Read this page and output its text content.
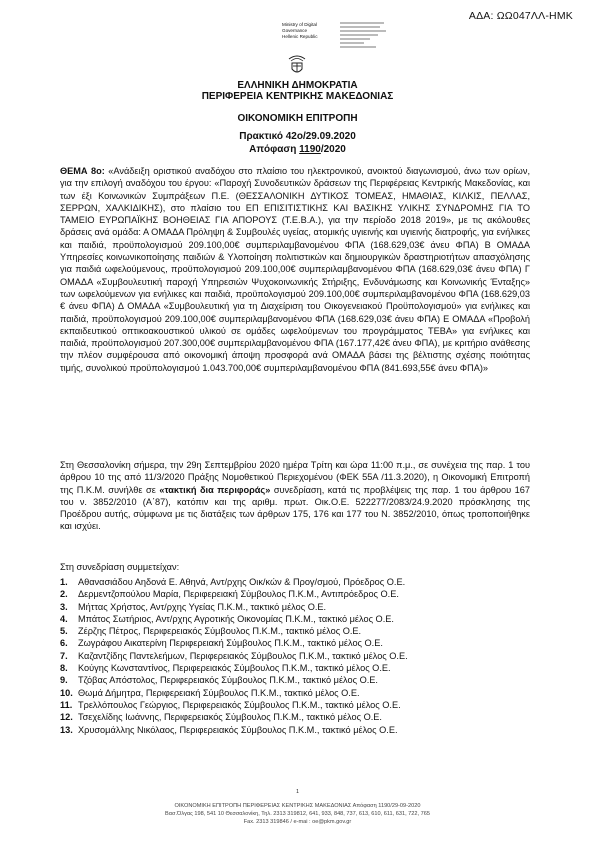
ΑΔΑ: ΩΩ047ΛΛ-ΗΜΚ
Ministry of Digital
Governance
Hellenic Republic
ΕΛΛΗΝΙΚΗ ΔΗΜΟΚΡΑΤΙΑ
ΠΕΡΙΦΕΡΕΙΑ ΚΕΝΤΡΙΚΗΣ ΜΑΚΕΔΟΝΙΑΣ
ΟΙΚΟΝΟΜΙΚΗ ΕΠΙΤΡΟΠΗ
Πρακτικό 42ο/29.09.2020
Απόφαση 1190/2020
ΘΕΜΑ 8ο: «Ανάδειξη οριστικού αναδόχου στο πλαίσιο του ηλεκτρονικού, ανοικτού διαγωνισμού, άνω των ορίων, για την επιλογή αναδόχου του έργου: «Παροχή Συνοδευτικών δράσεων της Περιφέρειας Κεντρικής Μακεδονίας, και των έξι Κοινωνικών Συμπράξεων Π.Ε. (ΘΕΣΣΑΛΟΝΙΚΗ ΔΥΤΙΚΟΣ ΤΟΜΕΑΣ, ΗΜΑΘΙΑΣ, ΚΙΛΚΙΣ, ΠΕΛΛΑΣ, ΣΕΡΡΩΝ, ΧΑΛΚΙΔΙΚΗΣ), στο πλαίσιο του ΕΠ ΕΠΙΣΙΤΙΣΤΙΚΗΣ ΚΑΙ ΒΑΣΙΚΗΣ ΥΛΙΚΗΣ ΣΥΝΔΡΟΜΗΣ ΓΙΑ ΤΟ ΤΑΜΕΙΟ ΕΥΡΩΠΑΪΚΗΣ ΒΟΗΘΕΙΑΣ ΓΙΑ ΑΠΟΡΟΥΣ (Τ.Ε.Β.Α.), για την περίοδο 2018 2019», με τις ακόλουθες δράσεις ανά ομάδα: Α ΟΜΑΔΑ Πρόληψη & Συμβουλές υγείας, ατομικής υγιεινής και υγιεινής διατροφής, για ενήλικες και παιδιά, προϋπολογισμού 209.100,00€ συμπεριλαμβανομένου ΦΠΑ (168.629,03€ άνευ ΦΠΑ) Β ΟΜΑΔΑ Υπηρεσίες κοινωνικοποίησης παιδιών & Υλοποίηση πολιτιστικών και δημιουργικών δραστηριοτήτων απασχόλησης για παιδιά ωφελούμενους, προϋπολογισμού 209.100,00€ συμπεριλαμβανομένου ΦΠΑ (168.629,03€ άνευ ΦΠΑ) Γ ΟΜΑΔΑ «Συμβουλευτική παροχή Υπηρεσιών Ψυχοκοινωνικής Στήριξης, Ενδυνάμωσης και Κοινωνικής Ένταξης» των ωφελούμενων για ενήλικες και παιδιά, προϋπολογισμού 209.100,00€ συμπεριλαμβανομένου ΦΠΑ (168.629,03 € άνευ ΦΠΑ) Δ ΟΜΑΔΑ «Συμβουλευτική για τη Διαχείριση του Οικογενειακού Προϋπολογισμού» για ενήλικες και παιδιά, προϋπολογισμού 209.100,00€ συμπεριλαμβανομένου ΦΠΑ (168.629,03€ άνευ ΦΠΑ) Ε ΟΜΑΔΑ «Προβολή εκπαιδευτικού οπτικοακουστικού υλικού σε ομάδες ωφελούμενων του προγράμματος ΤΕΒΑ» για ενήλικες και παιδιά, προϋπολογισμού 207.300,00€ συμπεριλαμβανομένου ΦΠΑ (167.177,42€ άνευ ΦΠΑ), με κριτήριο ανάθεσης την πλέον συμφέρουσα από οικονομική άποψη προσφορά ανά ΟΜΑΔΑ βάσει της βέλτιστης σχέσης ποιότητας τιμής, συνολικού προϋπολογισμού 1.043.700,00€ συμπεριλαμβανομένου ΦΠΑ (841.693,55€ άνευ ΦΠΑ)»
Στη Θεσσαλονίκη σήμερα, την 29η Σεπτεμβρίου 2020 ημέρα Τρίτη και ώρα 11:00 π.μ., σε συνέχεια της παρ. 1 του άρθρου 10 της από 11/3/2020 Πράξης Νομοθετικού Περιεχομένου (ΦΕΚ 55Α /11.3.2020), η Οικονομική Επιτροπή της Π.Κ.Μ. συνήλθε σε «τακτική δια περιφοράς» συνεδρίαση, κατά τις προβλέψεις της παρ. 1 του άρθρου 167 του ν. 3852/2010 (Α΄87), κατόπιν και της αριθμ. πρωτ. Οικ.Ο.Ε. 522277/2083/24.9.2020 πρόσκλησης της Προέδρου αυτής, σύμφωνα με τις διατάξεις των άρθρων 175, 176 και 177 του Ν. 3852/2010, όπως τροποποιήθηκε και ισχύει.
Στη συνεδρίαση συμμετείχαν:
1. Αθανασιάδου Αηδονά Ε. Αθηνά, Αντ/ρχης Οικ/κών & Προγ/σμού, Πρόεδρος Ο.Ε.
2. Δερμεντζοπούλου Μαρία, Περιφερειακή Σύμβουλος Π.Κ.Μ., Αντιπρόεδρος Ο.Ε.
3. Μήττας Χρήστος, Αντ/ρχης Υγείας Π.Κ.Μ., τακτικό μέλος Ο.Ε.
4. Μπάτος Σωτήριος, Αντ/ρχης Αγροτικής Οικονομίας Π.Κ.Μ., τακτικό μέλος Ο.Ε.
5. Ζέρζης Πέτρος, Περιφερειακός Σύμβουλος Π.Κ.Μ., τακτικό μέλος Ο.Ε.
6. Ζωγράφου Αικατερίνη Περιφερειακή Σύμβουλος Π.Κ.Μ., τακτικό μέλος Ο.Ε.
7. Καζαντζίδης Παντελεήμων, Περιφερειακός Σύμβουλος Π.Κ.Μ., τακτικό μέλος Ο.Ε.
8. Κούγης Κωνσταντίνος, Περιφερειακός Σύμβουλος Π.Κ.Μ., τακτικό μέλος Ο.Ε.
9. Τζόβας Απόστολος, Περιφερειακός Σύμβουλος Π.Κ.Μ., τακτικό μέλος Ο.Ε.
10. Θωμά Δήμητρα, Περιφερειακή Σύμβουλος Π.Κ.Μ., τακτικό μέλος Ο.Ε.
11. Τρελλόπουλος Γεώργιος, Περιφερειακός Σύμβουλος Π.Κ.Μ., τακτικό μέλος Ο.Ε.
12. Τσεχελίδης Ιωάννης, Περιφερειακός Σύμβουλος Π.Κ.Μ., τακτικό μέλος Ο.Ε.
13. Χρυσομάλλης Νικόλαος, Περιφερειακός Σύμβουλος Π.Κ.Μ., τακτικό μέλος Ο.Ε.
1
ΟΙΚΟΝΟΜΙΚΗ ΕΠΙΤΡΟΠΗ ΠΕΡΙΦΕΡΕΙΑΣ ΚΕΝΤΡΙΚΗΣ ΜΑΚΕΔΟΝΙΑΣ Απόφαση 1190/29-09-2020
Βασ.Όλγας 198, 541 10 Θεσσαλονίκη, Τηλ. 2313 319812, 641, 933, 848, 737, 613, 610, 611, 631, 722, 765
Fax. 2313 319846 / e-mai : oe@pkm.gov.gr
